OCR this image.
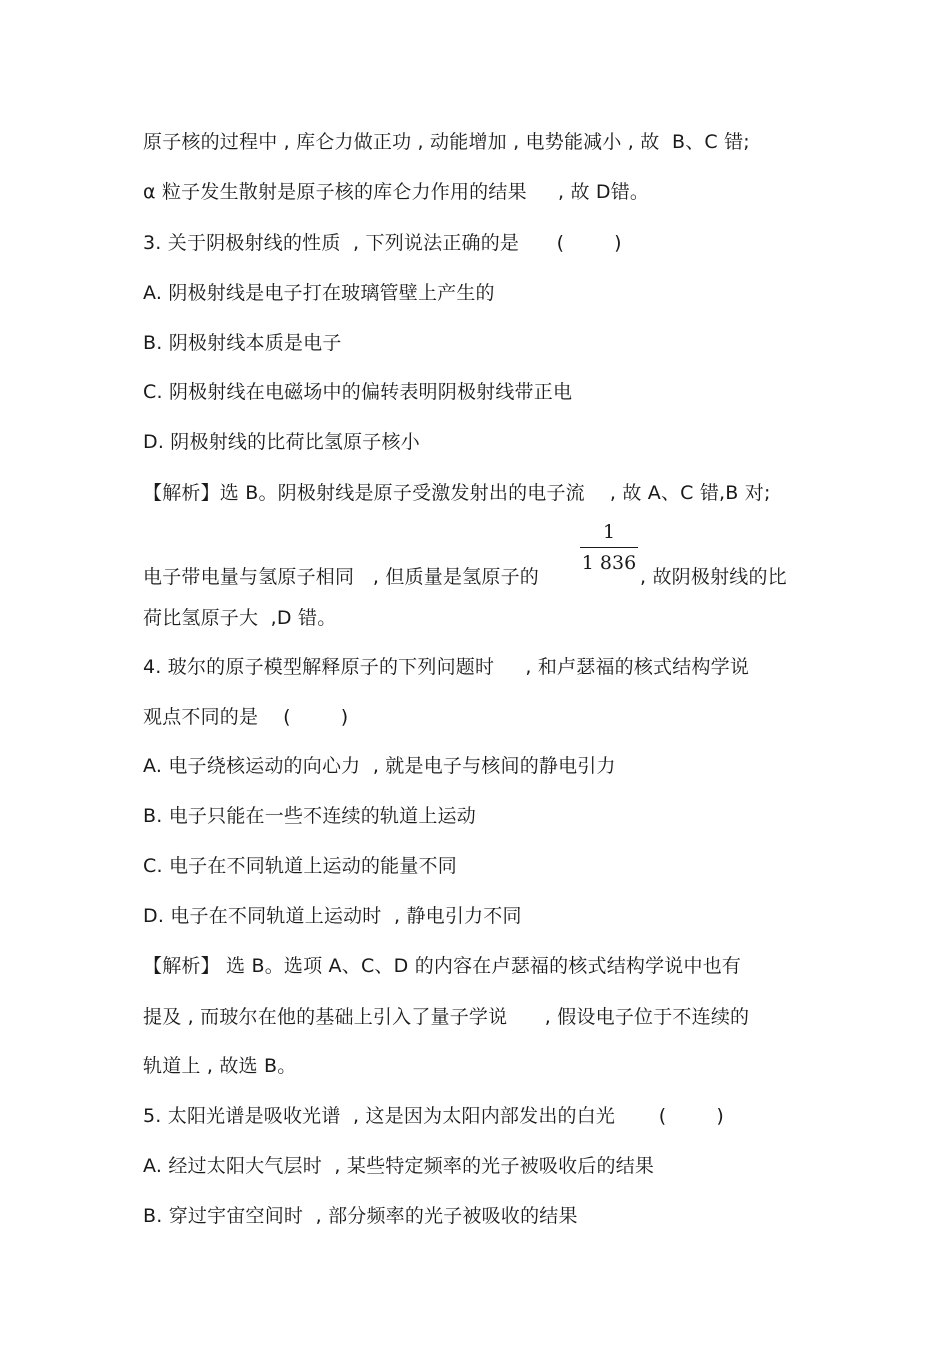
原子核的过程中 , 库仑力做正功 , 动能增加 , 电势能减小 , 故  B、C 错;
α 粒子发生散射是原子核的库仑力作用的结果     , 故 D错。
3. 关于阴极射线的性质  , 下列说法正确的是      (        )
A. 阴极射线是电子打在玻璃管壁上产生的
B. 阴极射线本质是电子
C. 阴极射线在电磁场中的偏转表明阴极射线带正电
D. 阴极射线的比荷比氢原子核小
【解析】选 B。阴极射线是原子受激发射出的电子流    , 故 A、C 错,B 对;
电子带电量与氢原子相同   , 但质量是氢原子的
1
1 836
, 故阴极射线的比
荷比氢原子大  ,D 错。
4. 玻尔的原子模型解释原子的下列问题时     , 和卢瑟福的核式结构学说
观点不同的是    (        )
A. 电子绕核运动的向心力  , 就是电子与核间的静电引力
B. 电子只能在一些不连续的轨道上运动
C. 电子在不同轨道上运动的能量不同
D. 电子在不同轨道上运动时  , 静电引力不同
【解析】 选 B。选项 A、C、D 的内容在卢瑟福的核式结构学说中也有
提及 , 而玻尔在他的基础上引入了量子学说      , 假设电子位于不连续的
轨道上 , 故选 B。
5. 太阳光谱是吸收光谱  , 这是因为太阳内部发出的白光       (        )
A. 经过太阳大气层时  , 某些特定频率的光子被吸收后的结果
B. 穿过宇宙空间时  , 部分频率的光子被吸收的结果
